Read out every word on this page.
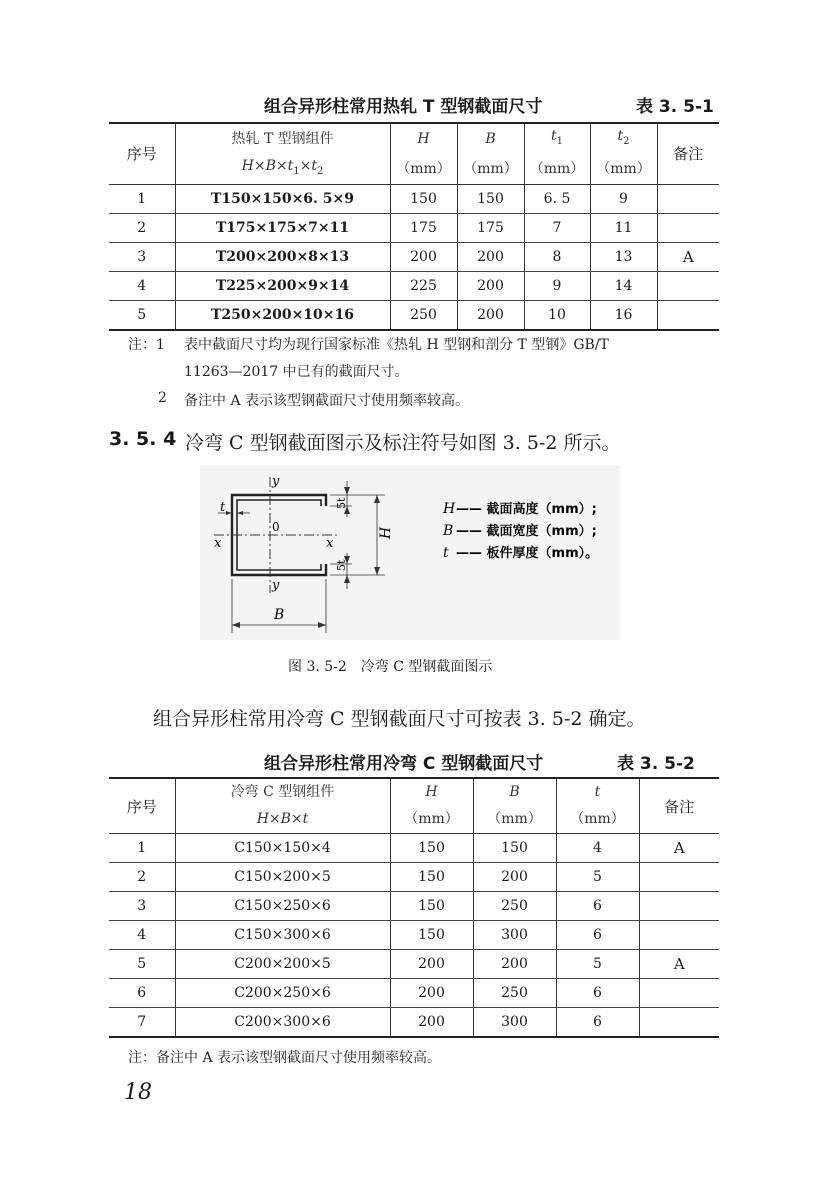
组合异形柱常用热轧 T 型钢截面尺寸	表 3. 5-1
序号	热轧 T 型钢组件	H	B	$t_1$	$t_2$	备注
	$H\times B\times t_1\times t_2$	（mm）	（mm）	（mm）	（mm）	
1	T150×150×6. 5×9	150	150	6. 5	9	
2	T175×175×7×11	175	175	7	11	
3	T200×200×8×13	200	200	8	13	A
4	T225×200×9×14	225	200	9	14	
5	T250×200×10×16	250	200	10	16	
注：1 表中截面尺寸均为现行国家标准《热轧 H 型钢和剖分 T 型钢》GB/T
11263—2017 中已有的截面尺寸。
2 备注中 A 表示该型钢截面尺寸使用频率较高。
3. 5. 4 冷弯 C 型钢截面图示及标注符号如图 3. 5-2 所示。
y
y
x	x
t
0	H
5t
5t
B
H —— 截面高度（mm）;
B —— 截面宽度（mm）;
t —— 板件厚度（mm）。
图 3. 5-2　冷弯 C 型钢截面图示
组合异形柱常用冷弯 C 型钢截面尺寸可按表 3. 5-2 确定。
组合异形柱常用冷弯 C 型钢截面尺寸	表 3. 5-2
序号	冷弯 C 型钢组件	H	B	t	备注
	H×B×t	（mm）	（mm）	（mm）	
1	C150×150×4	150	150	4	A
2	C150×200×5	150	200	5	
3	C150×250×6	150	250	6	
4	C150×300×6	150	300	6	
5	C200×200×5	200	200	5	A
6	C200×250×6	200	250	6	
7	C200×300×6	200	300	6	
注：备注中 A 表示该型钢截面尺寸使用频率较高。
18
